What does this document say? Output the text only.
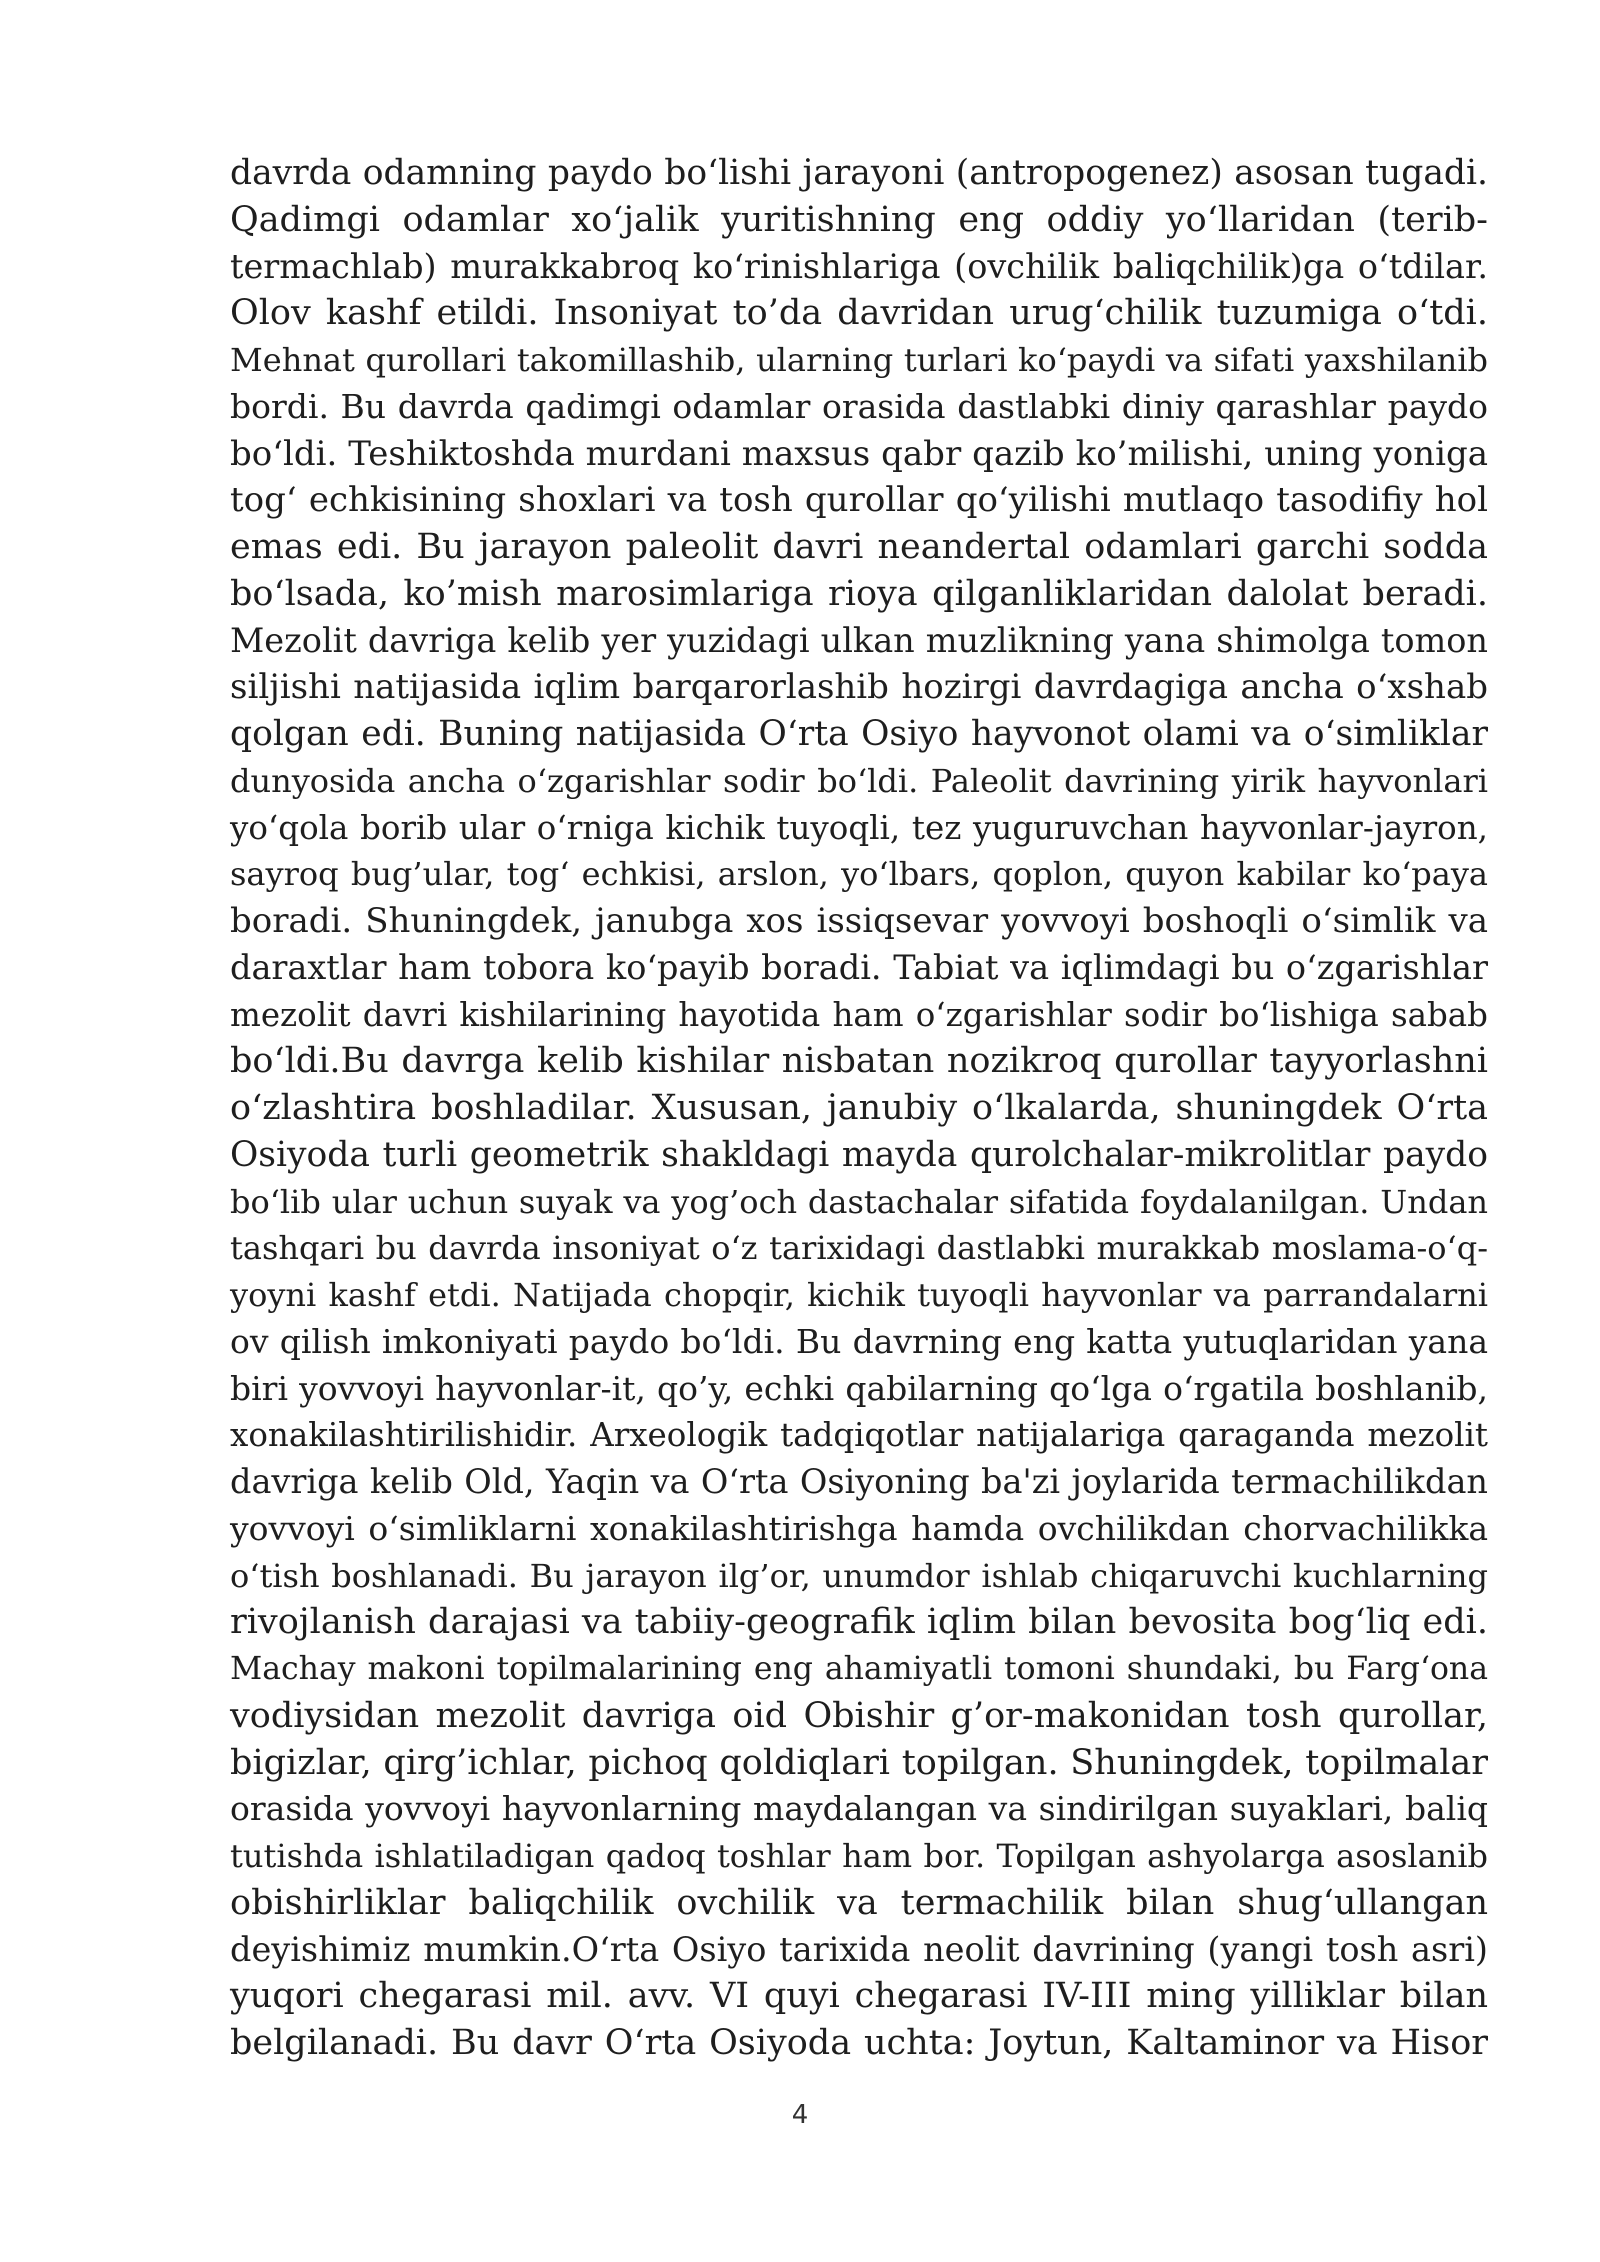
davrda odamning paydo bo‘lishi jarayoni (antropogenez) asosan tugadi.
Qadimgi odamlar xo‘jalik yuritishning eng oddiy yo‘llaridan (terib-
termachlab) murakkabroq ko‘rinishlariga (ovchilik baliqchilik)ga o‘tdilar.
Olov kashf etildi. Insoniyat to’da davridan urug‘chilik tuzumiga o‘tdi.
Mehnat qurollari takomillashib, ularning turlari ko‘paydi va sifati yaxshilanib
bordi. Bu davrda qadimgi odamlar orasida dastlabki diniy qarashlar paydo
bo‘ldi. Teshiktoshda murdani maxsus qabr qazib ko’milishi, uning yoniga
tog‘ echkisining shoxlari va tosh qurollar qo‘yilishi mutlaqo tasodifiy hol
emas edi. Bu jarayon paleolit davri neandertal odamlari garchi sodda
bo‘lsada, ko’mish marosimlariga rioya qilganliklaridan dalolat beradi.
Mezolit davriga kelib yer yuzidagi ulkan muzlikning yana shimolga tomon
siljishi natijasida iqlim barqarorlashib hozirgi davrdagiga ancha o‘xshab
qolgan edi. Buning natijasida O‘rta Osiyo hayvonot olami va o‘simliklar
dunyosida ancha o‘zgarishlar sodir bo‘ldi. Paleolit davrining yirik hayvonlari
yo‘qola borib ular o‘rniga kichik tuyoqli, tez yuguruvchan hayvonlar-jayron,
sayroq bug’ular, tog‘ echkisi, arslon, yo‘lbars, qoplon, quyon kabilar ko‘paya
boradi. Shuningdek, janubga xos issiqsevar yovvoyi boshoqli o‘simlik va
daraxtlar ham tobora ko‘payib boradi. Tabiat va iqlimdagi bu o‘zgarishlar
mezolit davri kishilarining hayotida ham o‘zgarishlar sodir bo‘lishiga sabab
bo‘ldi.Bu davrga kelib kishilar nisbatan nozikroq qurollar tayyorlashni
o‘zlashtira boshladilar. Xususan, janubiy o‘lkalarda, shuningdek O‘rta
Osiyoda turli geometrik shakldagi mayda qurolchalar-mikrolitlar paydo
bo‘lib ular uchun suyak va yog’och dastachalar sifatida foydalanilgan. Undan
tashqari bu davrda insoniyat o‘z tarixidagi dastlabki murakkab moslama-o‘q-
yoyni kashf etdi. Natijada chopqir, kichik tuyoqli hayvonlar va parrandalarni
ov qilish imkoniyati paydo bo‘ldi. Bu davrning eng katta yutuqlaridan yana
biri yovvoyi hayvonlar-it, qo’y, echki qabilarning qo‘lga o‘rgatila boshlanib,
xonakilashtirilishidir. Arxeologik tadqiqotlar natijalariga qaraganda mezolit
davriga kelib Old, Yaqin va O‘rta Osiyoning ba'zi joylarida termachilikdan
yovvoyi o‘simliklarni xonakilashtirishga hamda ovchilikdan chorvachilikka
o‘tish boshlanadi. Bu jarayon ilg’or, unumdor ishlab chiqaruvchi kuchlarning
rivojlanish darajasi va tabiiy-geografik iqlim bilan bevosita bog‘liq edi.
Machay makoni topilmalarining eng ahamiyatli tomoni shundaki, bu Farg‘ona
vodiysidan mezolit davriga oid Obishir g’or-makonidan tosh qurollar,
bigizlar, qirg’ichlar, pichoq qoldiqlari topilgan. Shuningdek, topilmalar
orasida yovvoyi hayvonlarning maydalangan va sindirilgan suyaklari, baliq
tutishda ishlatiladigan qadoq toshlar ham bor. Topilgan ashyolarga asoslanib
obishirliklar baliqchilik ovchilik va termachilik bilan shug‘ullangan
deyishimiz mumkin.O‘rta Osiyo tarixida neolit davrining (yangi tosh asri)
yuqori chegarasi mil. avv. VI quyi chegarasi IV-III ming yilliklar bilan
belgilanadi. Bu davr O‘rta Osiyoda uchta: Joytun, Kaltaminor va Hisor
4
